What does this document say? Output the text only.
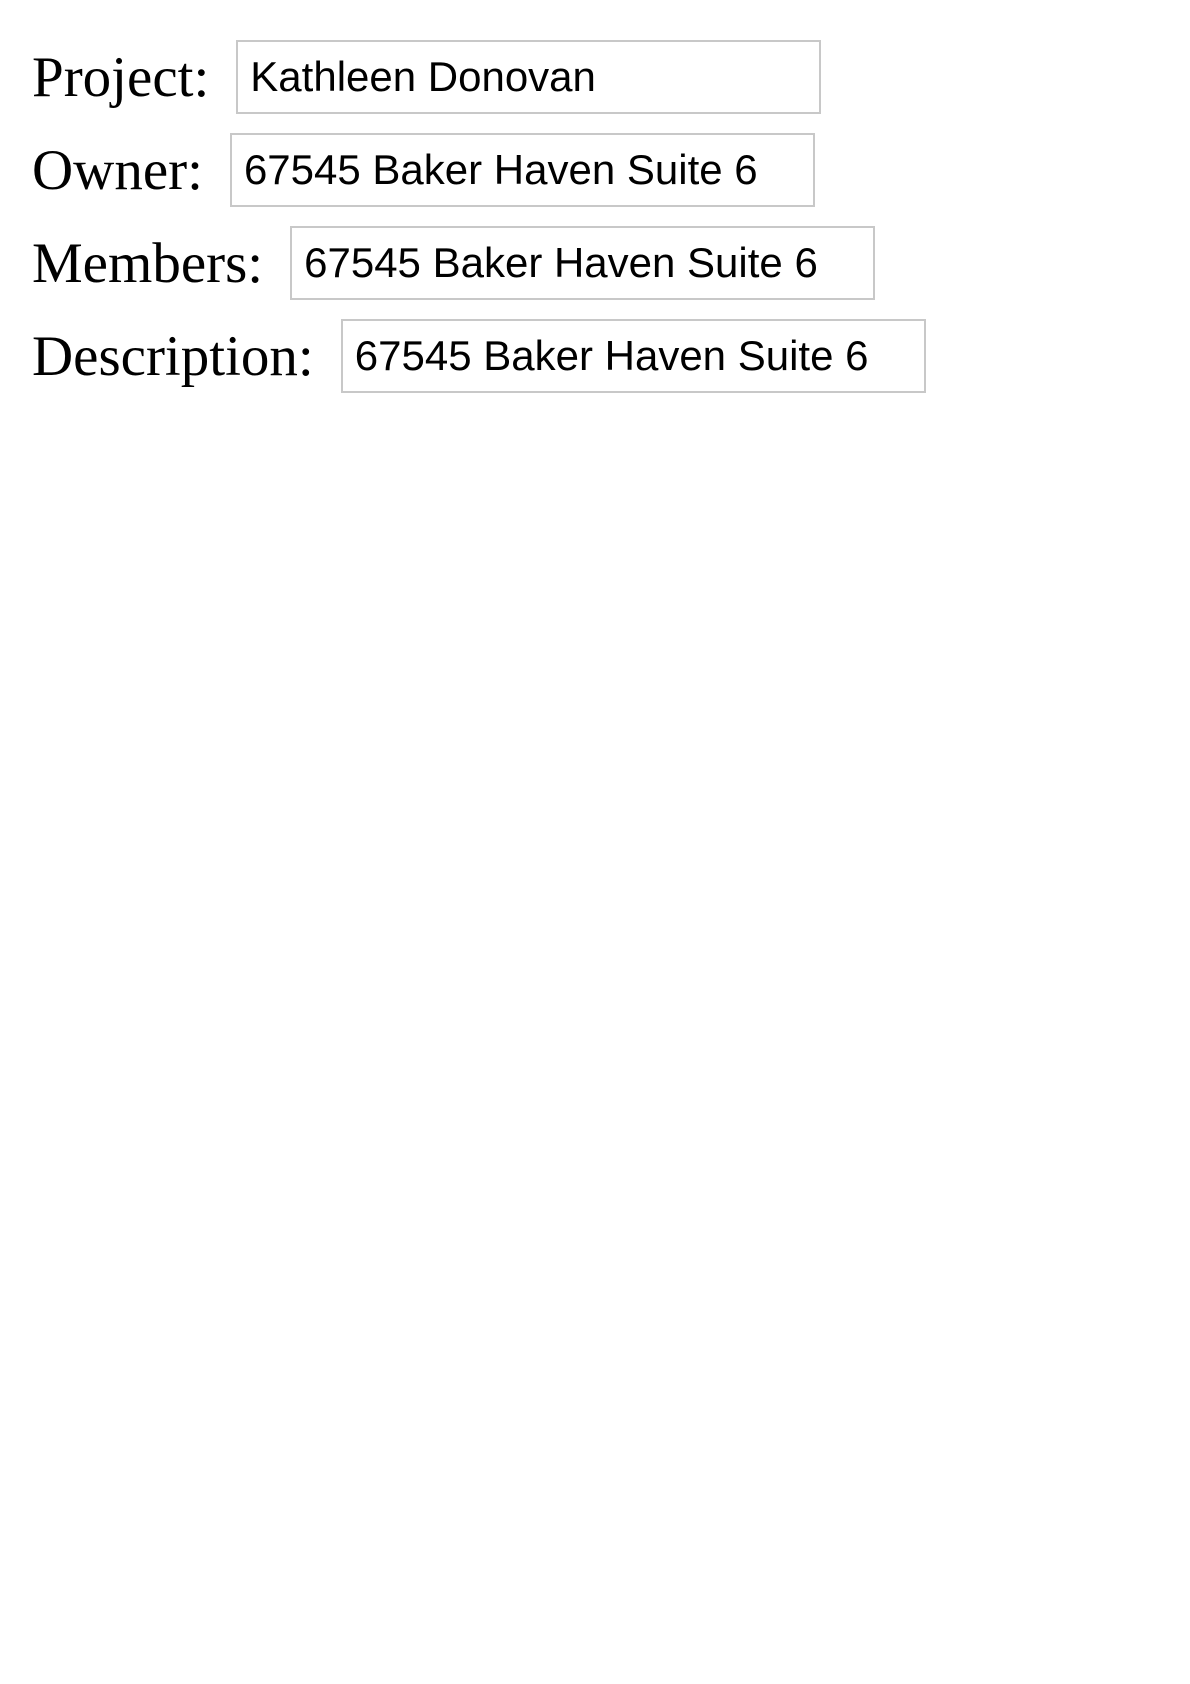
Project:
Kathleen Donovan
Owner:
67545 Baker Haven Suite 6
Members:
67545 Baker Haven Suite 6
Description:
67545 Baker Haven Suite 6
